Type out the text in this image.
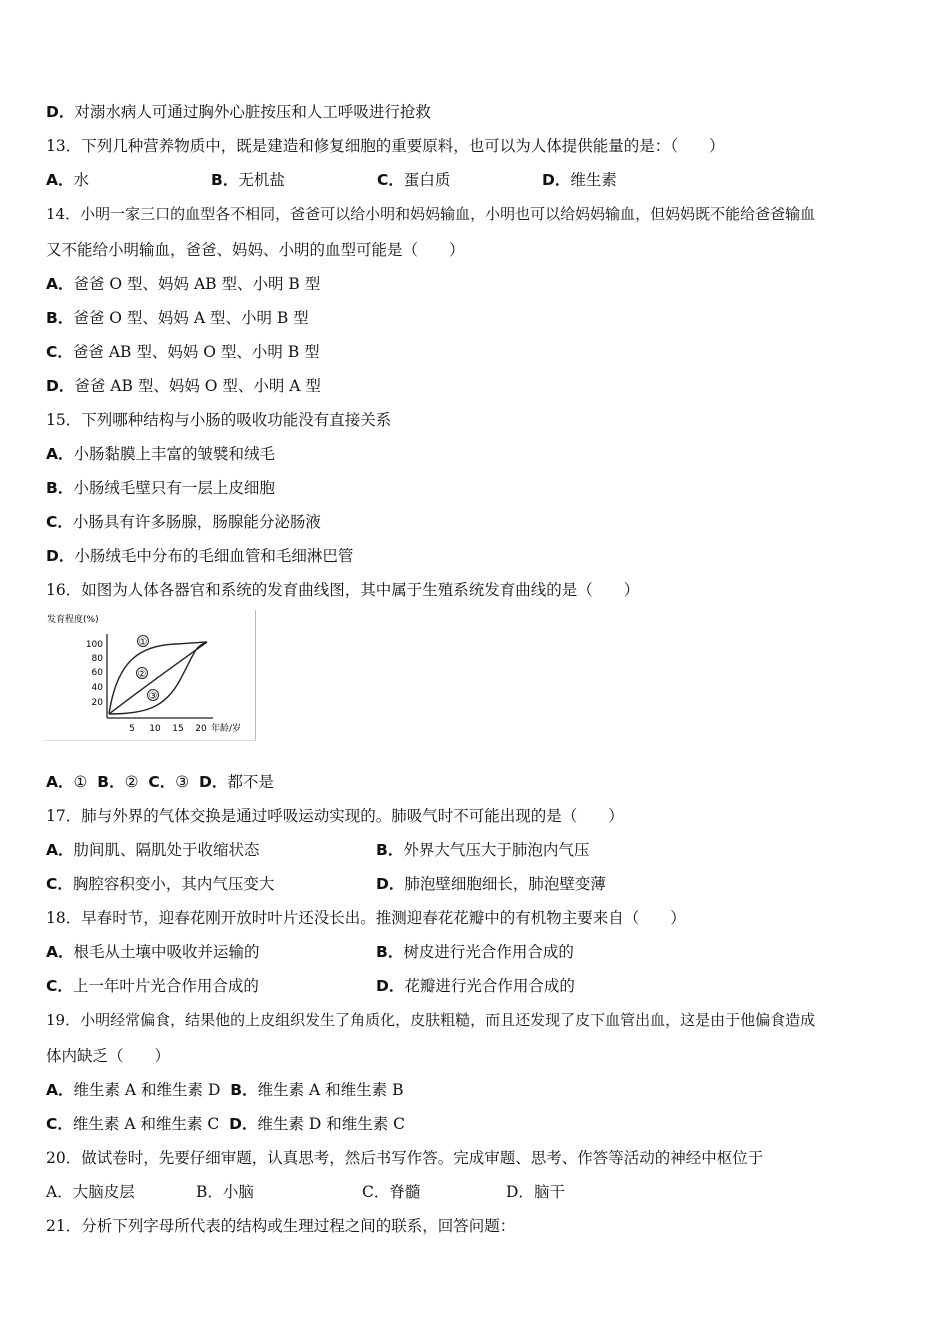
D．对溺水病人可通过胸外心脏按压和人工呼吸进行抢救
13．下列几种营养物质中，既是建造和修复细胞的重要原料，也可以为人体提供能量的是：（　　）
A．水	B．无机盐	C．蛋白质	D．维生素
14．小明一家三口的血型各不相同，爸爸可以给小明和妈妈输血，小明也可以给妈妈输血，但妈妈既不能给爸爸输血
又不能给小明输血，爸爸、妈妈、小明的血型可能是（　　）
A．爸爸 O 型、妈妈 AB 型、小明 B 型
B．爸爸 O 型、妈妈 A 型、小明 B 型
C．爸爸 AB 型、妈妈 O 型、小明 B 型
D．爸爸 AB 型、妈妈 O 型、小明 A 型
15．下列哪种结构与小肠的吸收功能没有直接关系
A．小肠黏膜上丰富的皱襞和绒毛
B．小肠绒毛壁只有一层上皮细胞
C．小肠具有许多肠腺，肠腺能分泌肠液
D．小肠绒毛中分布的毛细血管和毛细淋巴管
16．如图为人体各器官和系统的发育曲线图，其中属于生殖系统发育曲线的是（　　）
发育程度(%)
100
80
60
40
20
5 10 15 20 年龄/岁
①
②
③
A．① B．② C．③ D．都不是
17．肺与外界的气体交换是通过呼吸运动实现的。肺吸气时不可能出现的是（　　）
A．肋间肌、隔肌处于收缩状态	B．外界大气压大于肺泡内气压
C．胸腔容积变小，其内气压变大	D．肺泡壁细胞细长，肺泡壁变薄
18．早春时节，迎春花刚开放时叶片还没长出。推测迎春花花瓣中的有机物主要来自（　　）
A．根毛从土壤中吸收并运输的	B．树皮进行光合作用合成的
C．上一年叶片光合作用合成的	D．花瓣进行光合作用合成的
19．小明经常偏食，结果他的上皮组织发生了角质化，皮肤粗糙，而且还发现了皮下血管出血，这是由于他偏食造成
体内缺乏（　　）
A．维生素 A 和维生素 D B．维生素 A 和维生素 B
C．维生素 A 和维生素 C D．维生素 D 和维生素 C
20．做试卷时，先要仔细审题，认真思考，然后书写作答。完成审题、思考、作答等活动的神经中枢位于
A．大脑皮层	B．小脑	C．脊髓	D．脑干
21．分析下列字母所代表的结构或生理过程之间的联系，回答问题：
